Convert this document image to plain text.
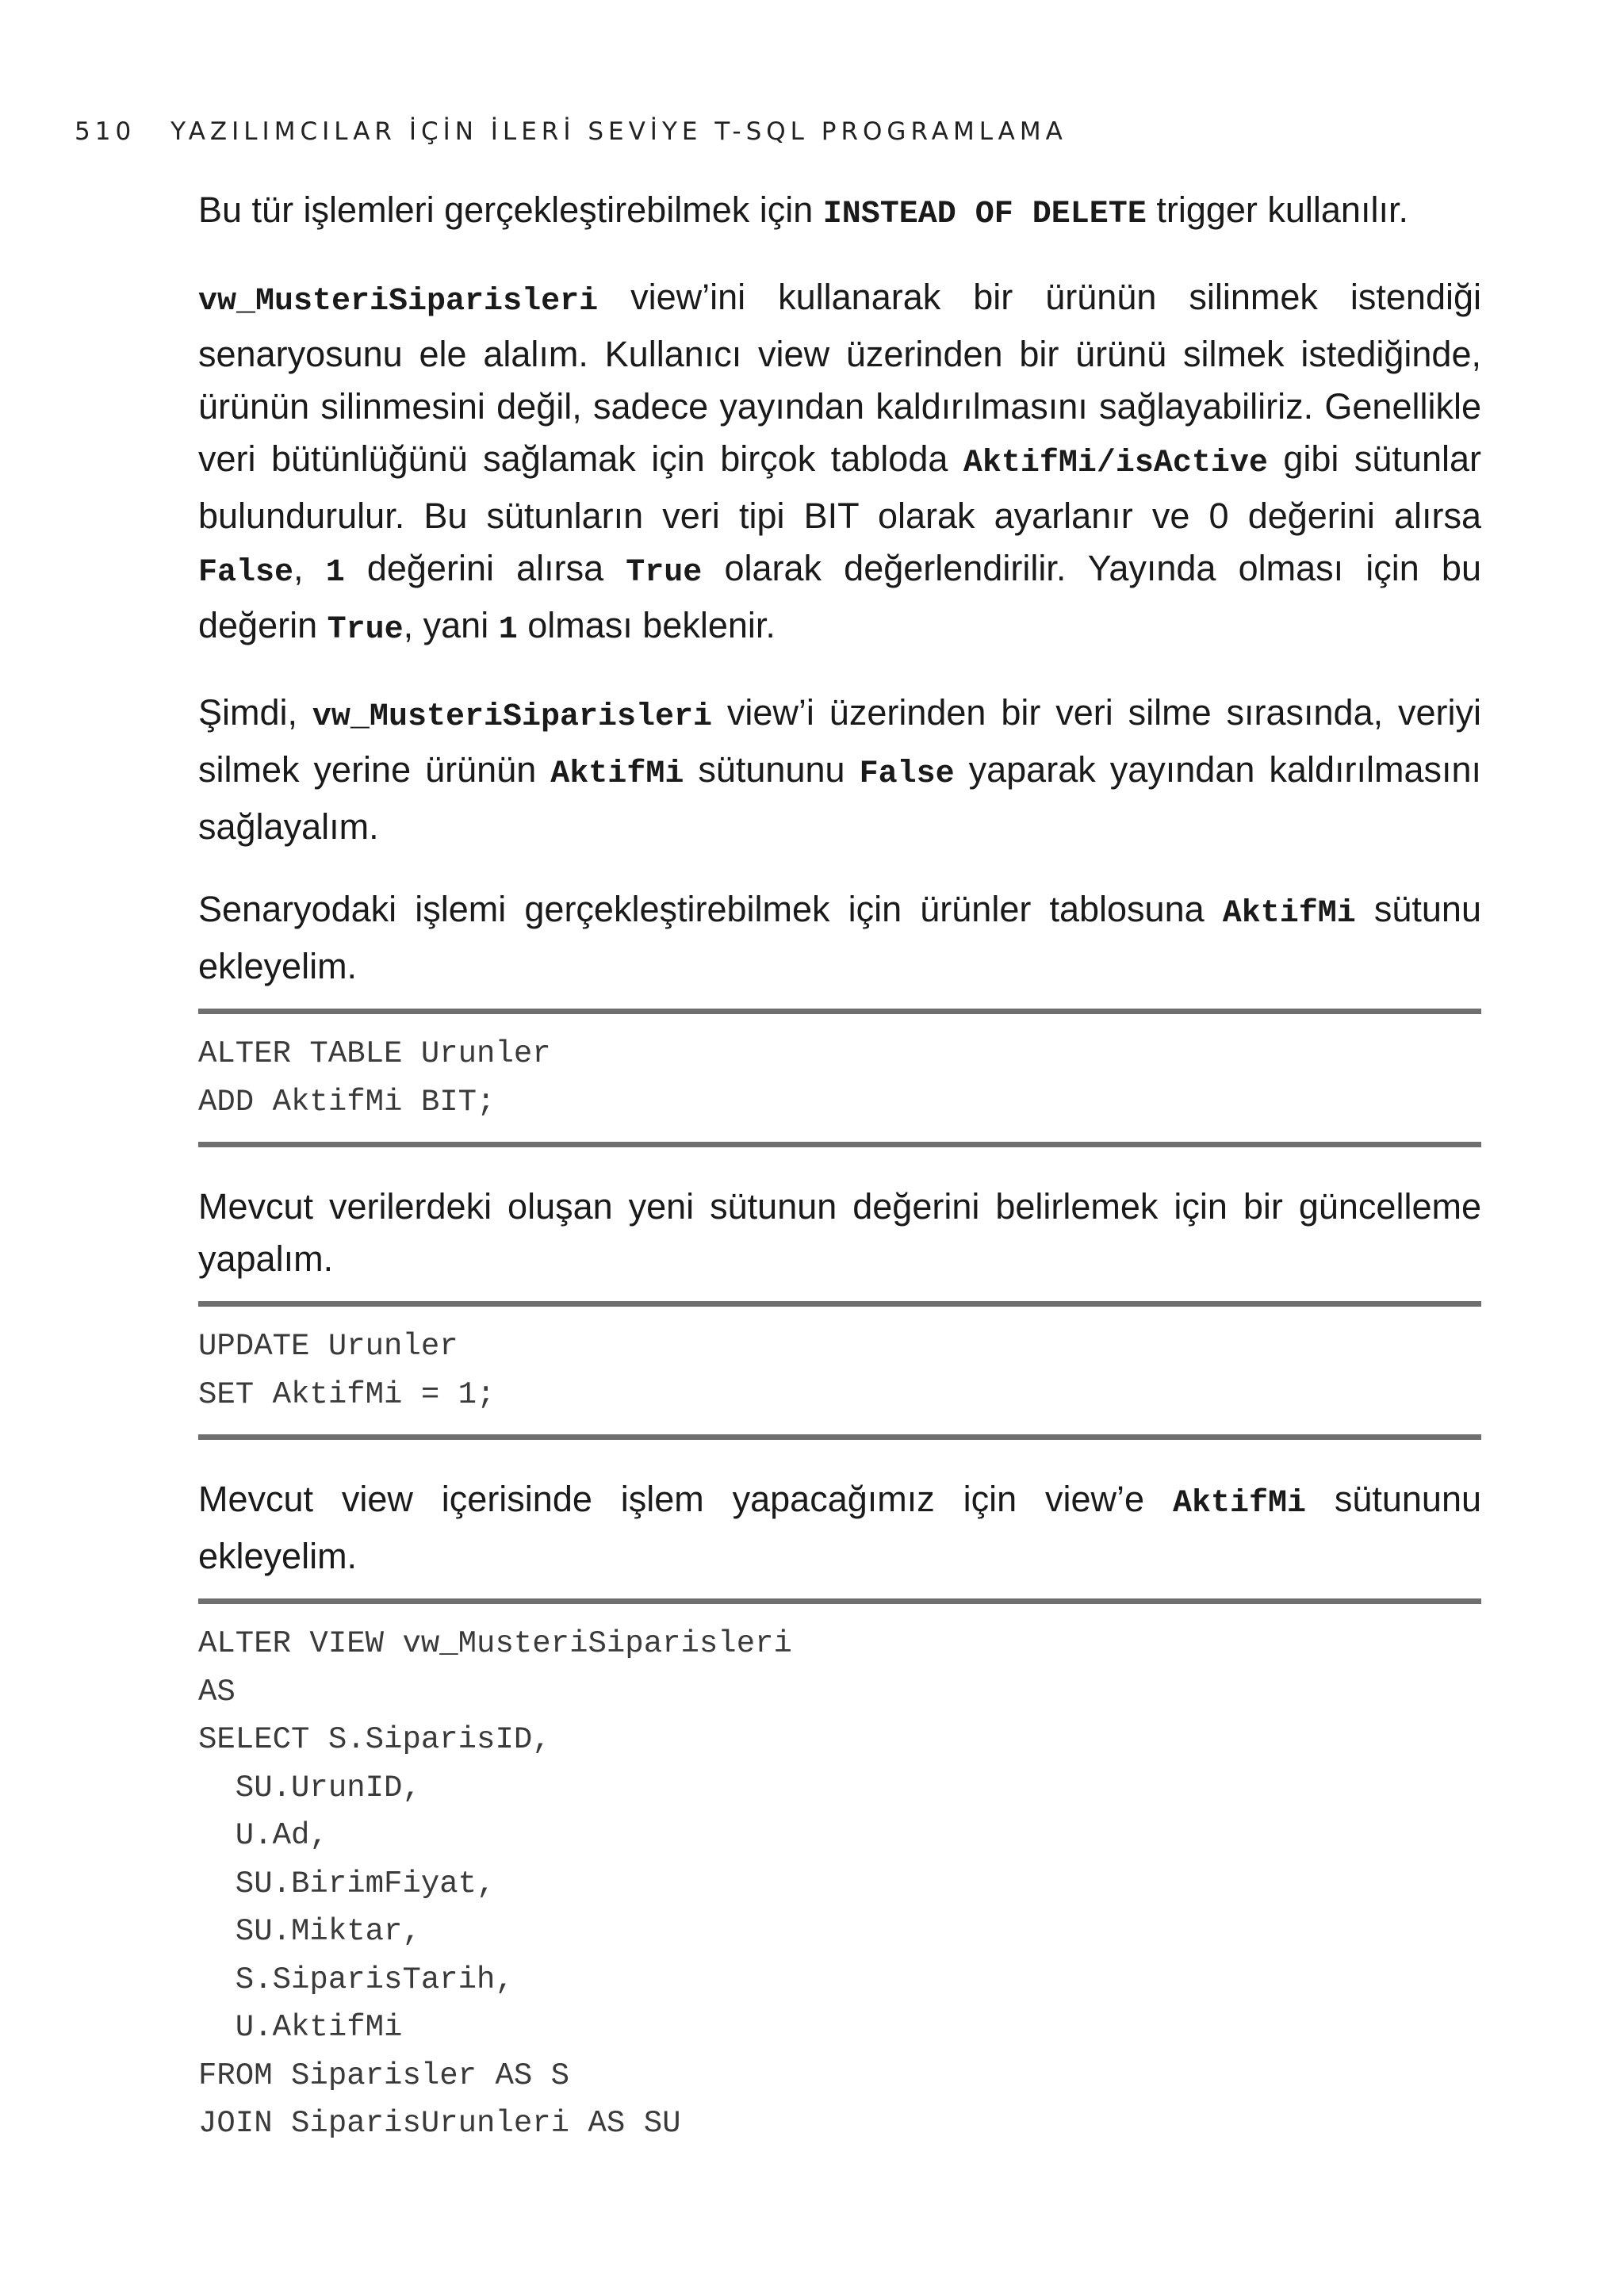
510 YAZILIMCILAR İÇİN İLERİ SEVİYE T-SQL PROGRAMLAMA

Bu tür işlemleri gerçekleştirebilmek için INSTEAD OF DELETE trigger kullanılır.

vw_MusteriSiparisleri view’ini kullanarak bir ürünün silinmek istendiği senaryosunu ele alalım. Kullanıcı view üzerinden bir ürünü silmek istediğinde, ürünün silinmesini değil, sadece yayından kaldırılmasını sağlayabiliriz. Genellikle veri bütünlüğünü sağlamak için birçok tabloda AktifMi/isActive gibi sütunlar bulundurulur. Bu sütunların veri tipi BIT olarak ayarlanır ve 0 değerini alırsa False, 1 değerini alırsa True olarak değerlendirilir. Yayında olması için bu değerin True, yani 1 olması beklenir.

Şimdi, vw_MusteriSiparisleri view’i üzerinden bir veri silme sırasında, veriyi silmek yerine ürünün AktifMi sütununu False yaparak yayından kaldırılmasını sağlayalım.

Senaryodaki işlemi gerçekleştirebilmek için ürünler tablosuna AktifMi sütunu ekleyelim.

ALTER TABLE Urunler
ADD AktifMi BIT;

Mevcut verilerdeki oluşan yeni sütunun değerini belirlemek için bir güncelleme yapalım.

UPDATE Urunler
SET AktifMi = 1;

Mevcut view içerisinde işlem yapacağımız için view’e AktifMi sütununu ekleyelim.

ALTER VIEW vw_MusteriSiparisleri
AS
SELECT S.SiparisID,
SU.UrunID,
U.Ad,
SU.BirimFiyat,
SU.Miktar,
S.SiparisTarih,
U.AktifMi
FROM Siparisler AS S
JOIN SiparisUrunleri AS SU
